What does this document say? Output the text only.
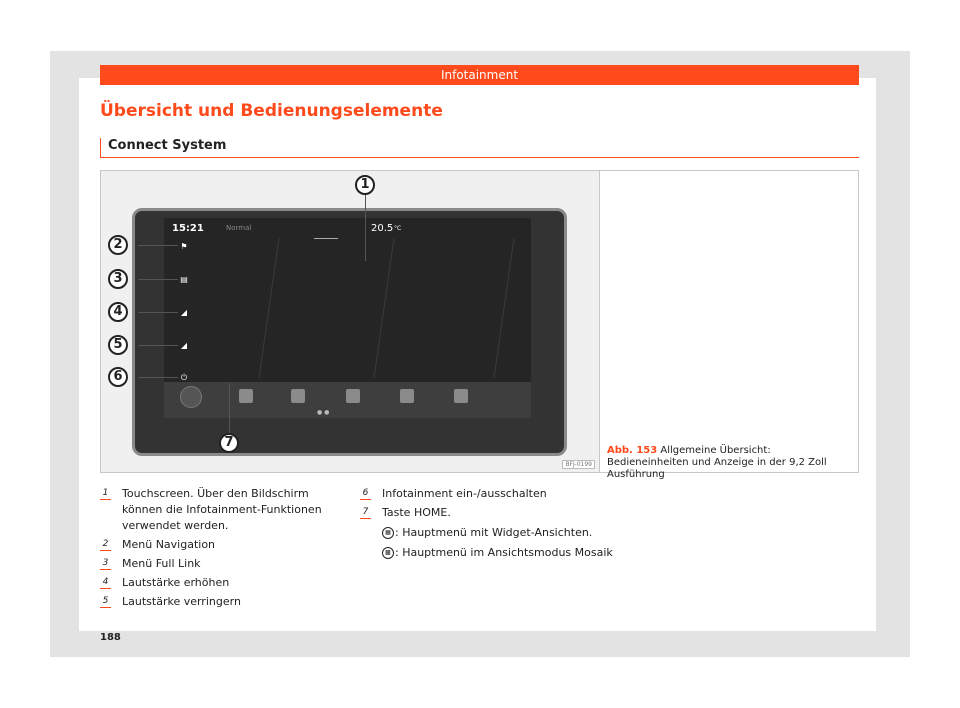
Infotainment
Übersicht und Bedienungselemente
Connect System
15:21	Normal	20.5 °C
● ●
⚑
▤
◢
◢
⏻
1
2
3
4
5
6
7
BFJ-0199
Abb. 153 Allgemeine Übersicht: Bedieneinheiten und Anzeige in der 9,2 Zoll Ausführung
1 Touchscreen. Über den Bildschirm können die Infotainment-Funktionen verwendet werden.
2 Menü Navigation
3 Menü Full Link
4 Lautstärke erhöhen
5 Lautstärke verringern
6 Infotainment ein-/ausschalten
7 Taste HOME.
▦ : Hauptmenü mit Widget-Ansichten.
▩ : Hauptmenü im Ansichtsmodus Mosaik
188
